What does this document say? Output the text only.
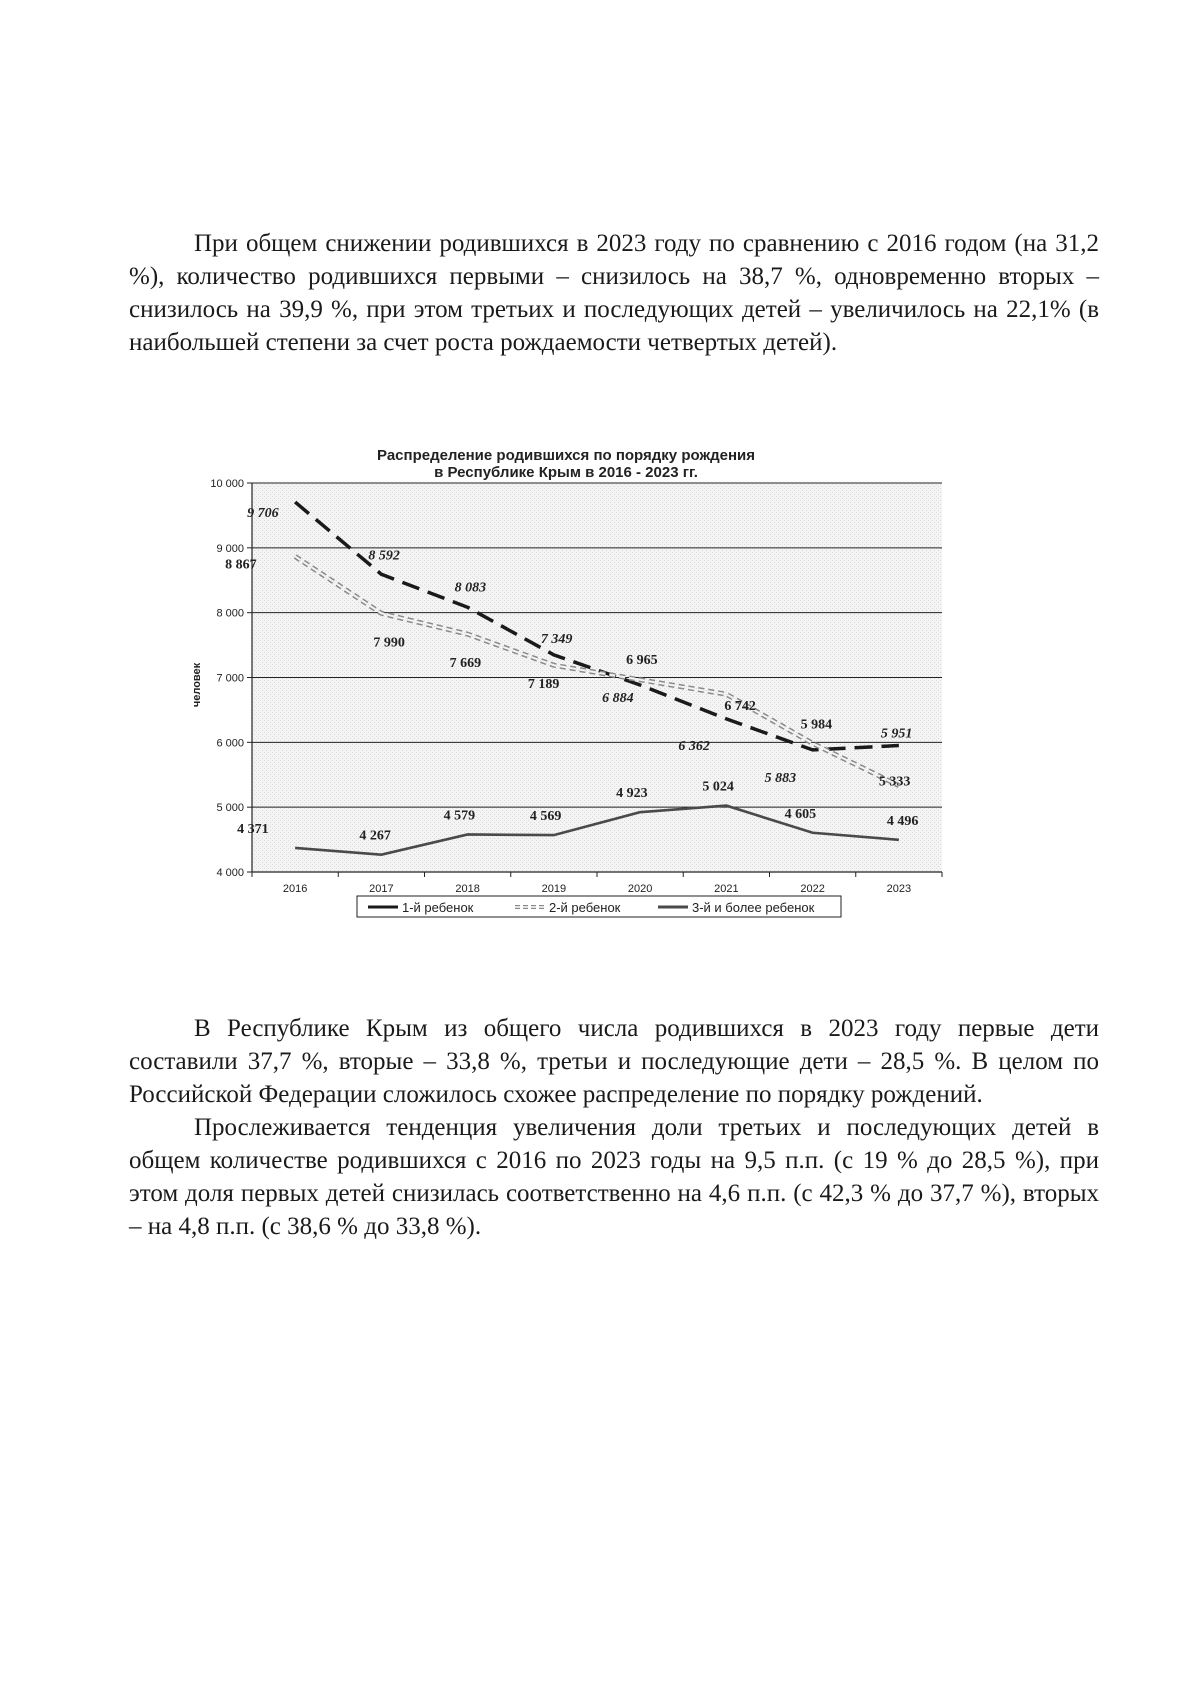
При общем снижении родившихся в 2023 году по сравнению с 2016 годом (на 31,2 %), количество родившихся первыми – снизилось на 38,7 %, одновременно вторых – снизилось на 39,9 %, при этом третьих и последующих детей – увеличилось на 22,1% (в наибольшей степени за счет роста рождаемости четвертых детей).

Распределение родившихся по порядку рождения
в Республике Крым в 2016 - 2023 гг.
4 000
5 000
6 000
7 000
8 000
9 000
10 000
2016	2017	2018	2019	2020	2021	2022	2023
9 706
8 592
8 083
7 349
6 884
6 362
5 883
5 951
8 867
7 990
7 669
7 189
6 965
6 742
5 984
5 333
4 371	4 267
4 579	4 569
4 923	5 024
4 605	4 496
человек
1-й ребенок	2-й ребенок	3-й и более ребенок

В Республике Крым из общего числа родившихся в 2023 году первые дети составили 37,7 %, вторые – 33,8 %, третьи и последующие дети – 28,5 %. В целом по Российской Федерации сложилось схожее распределение по порядку рождений.

Прослеживается тенденция увеличения доли третьих и последующих детей в общем количестве родившихся с 2016 по 2023 годы на 9,5 п.п. (с 19 % до 28,5 %), при этом доля первых детей снизилась соответственно на 4,6 п.п. (с 42,3 % до 37,7 %), вторых – на 4,8 п.п. (с 38,6 % до 33,8 %).
